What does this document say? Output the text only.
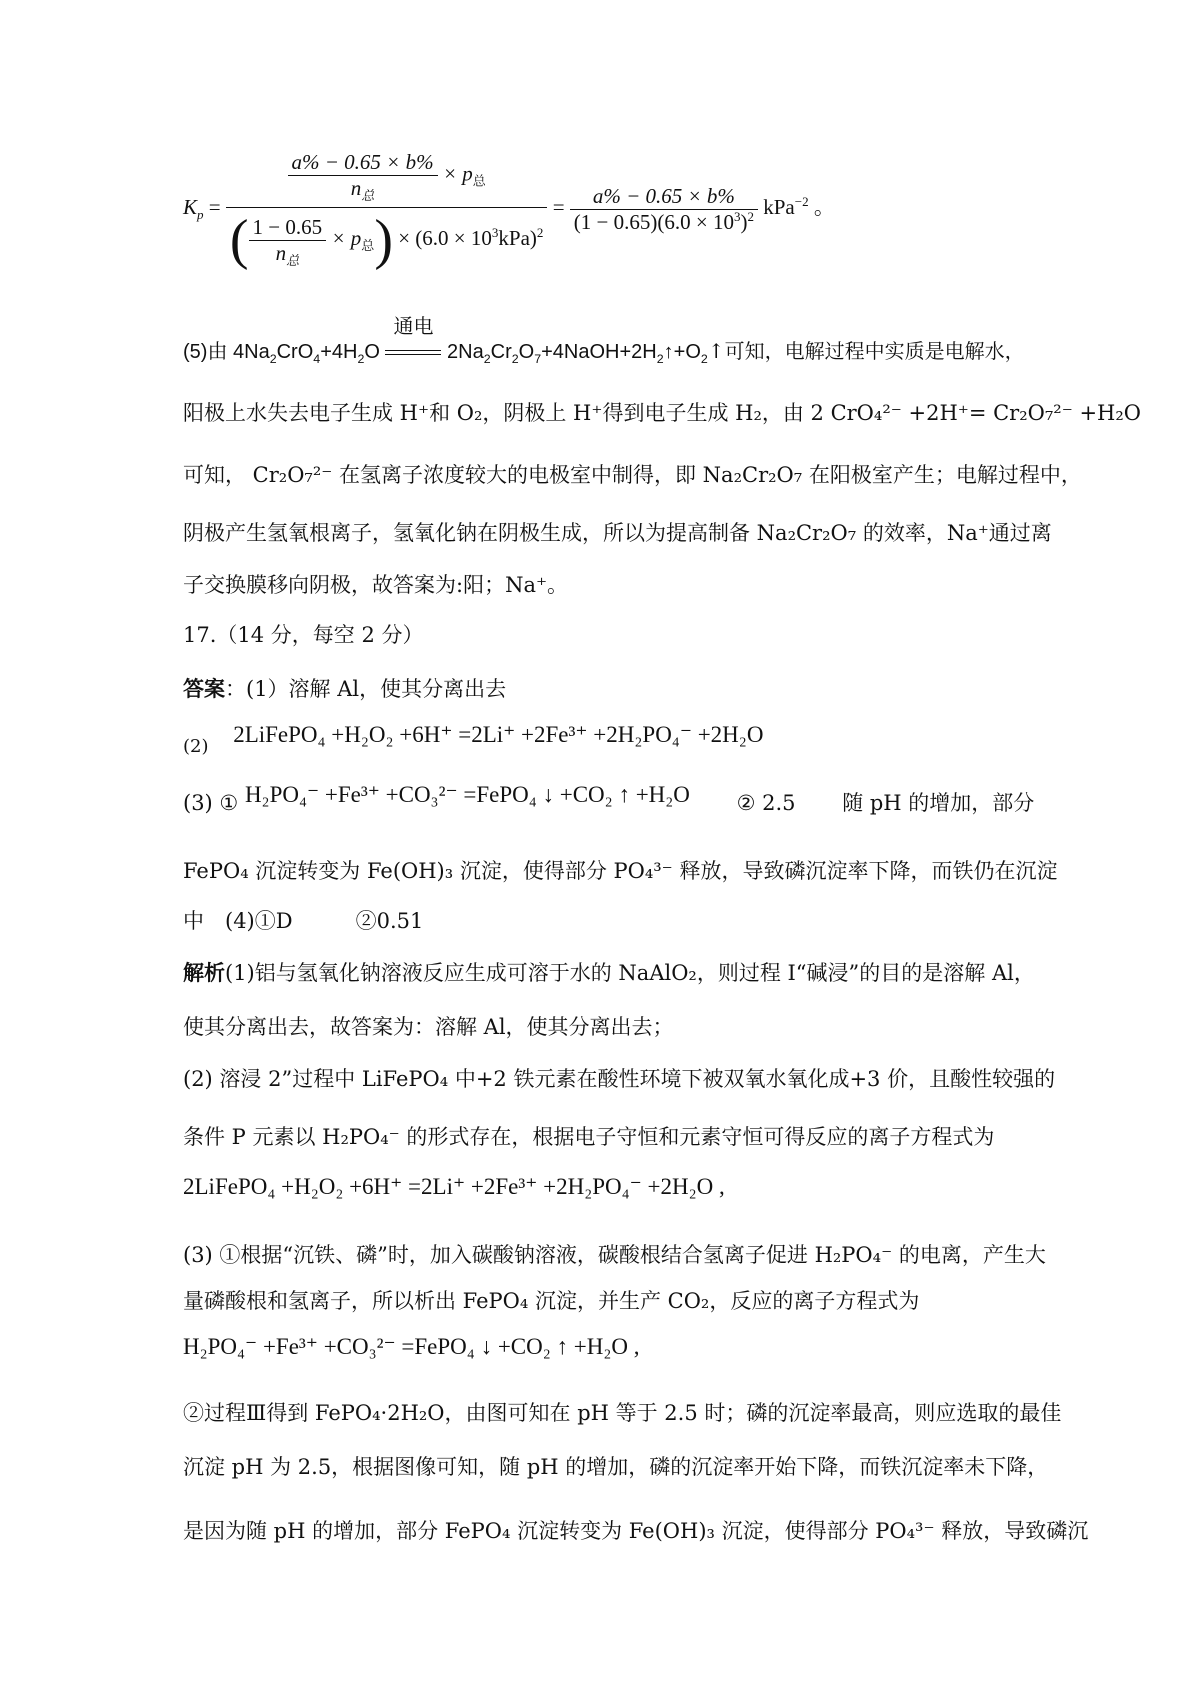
$K_p = \frac{\frac{a\% - 0.65 \times b\%}{n_总} \times p_总}{( \frac{1 - 0.65}{n_总} \times p_总) \times (6.0 \times 10^3kPa)^2} = \frac{a\% - 0.65 \times b\%}{(1 - 0.65)(6.0 \times 10^3)^2} kPa^{-2}$ 。
(5)由 $4Na_2CrO_4+4H_2O$
通电
$2Na_2Cr_2O_7+4NaOH+2H_2↑+O_2↑$可知，电解过程中实质是电解水，
阳极上水失去电子生成 H⁺和 O₂，阴极上 H⁺得到电子生成 H₂，由 2 CrO₄²⁻ +2H⁺= Cr₂O₇²⁻ +H₂O
可知， Cr₂O₇²⁻ 在氢离子浓度较大的电极室中制得，即 Na₂Cr₂O₇ 在阳极室产生；电解过程中，
阴极产生氢氧根离子，氢氧化钠在阴极生成，所以为提高制备 Na₂Cr₂O₇ 的效率，Na⁺通过离
子交换膜移向阴极，故答案为:阳；Na⁺。
17.（14 分，每空 2 分）
答案：(1）溶解 Al，使其分离出去
(2) 2LiFePO₄ +H₂O₂ +6H⁺ =2Li⁺ +2Fe³⁺ +2H₂PO₄⁻ +2H₂O
(3) ① H₂PO₄⁻ +Fe³⁺ +CO₃²⁻ =FePO₄ ↓ +CO₂ ↑ +H₂O ② 2.5 随 pH 的增加，部分
FePO₄ 沉淀转变为 Fe(OH)₃ 沉淀，使得部分 PO₄³⁻ 释放，导致磷沉淀率下降，而铁仍在沉淀
中　(4)①D　　　②0.51
解析(1)铝与氢氧化钠溶液反应生成可溶于水的 NaAlO₂，则过程 I“碱浸”的目的是溶解 Al，
使其分离出去，故答案为：溶解 Al，使其分离出去；
(2) 溶浸 2”过程中 LiFePO₄ 中+2 铁元素在酸性环境下被双氧水氧化成+3 价，且酸性较强的
条件 P 元素以 H₂PO₄⁻ 的形式存在，根据电子守恒和元素守恒可得反应的离子方程式为
2LiFePO₄ +H₂O₂ +6H⁺ =2Li⁺ +2Fe³⁺ +2H₂PO₄⁻ +2H₂O ,
(3) ①根据“沉铁、磷”时，加入碳酸钠溶液，碳酸根结合氢离子促进 H₂PO₄⁻ 的电离，产生大
量磷酸根和氢离子，所以析出 FePO₄ 沉淀，并生产 CO₂，反应的离子方程式为
H₂PO₄⁻ +Fe³⁺ +CO₃²⁻ =FePO₄ ↓ +CO₂ ↑ +H₂O ,
②过程Ⅲ得到 FePO₄·2H₂O，由图可知在 pH 等于 2.5 时；磷的沉淀率最高，则应选取的最佳
沉淀 pH 为 2.5，根据图像可知，随 pH 的增加，磷的沉淀率开始下降，而铁沉淀率未下降，
是因为随 pH 的增加，部分 FePO₄ 沉淀转变为 Fe(OH)₃ 沉淀，使得部分 PO₄³⁻ 释放，导致磷沉
